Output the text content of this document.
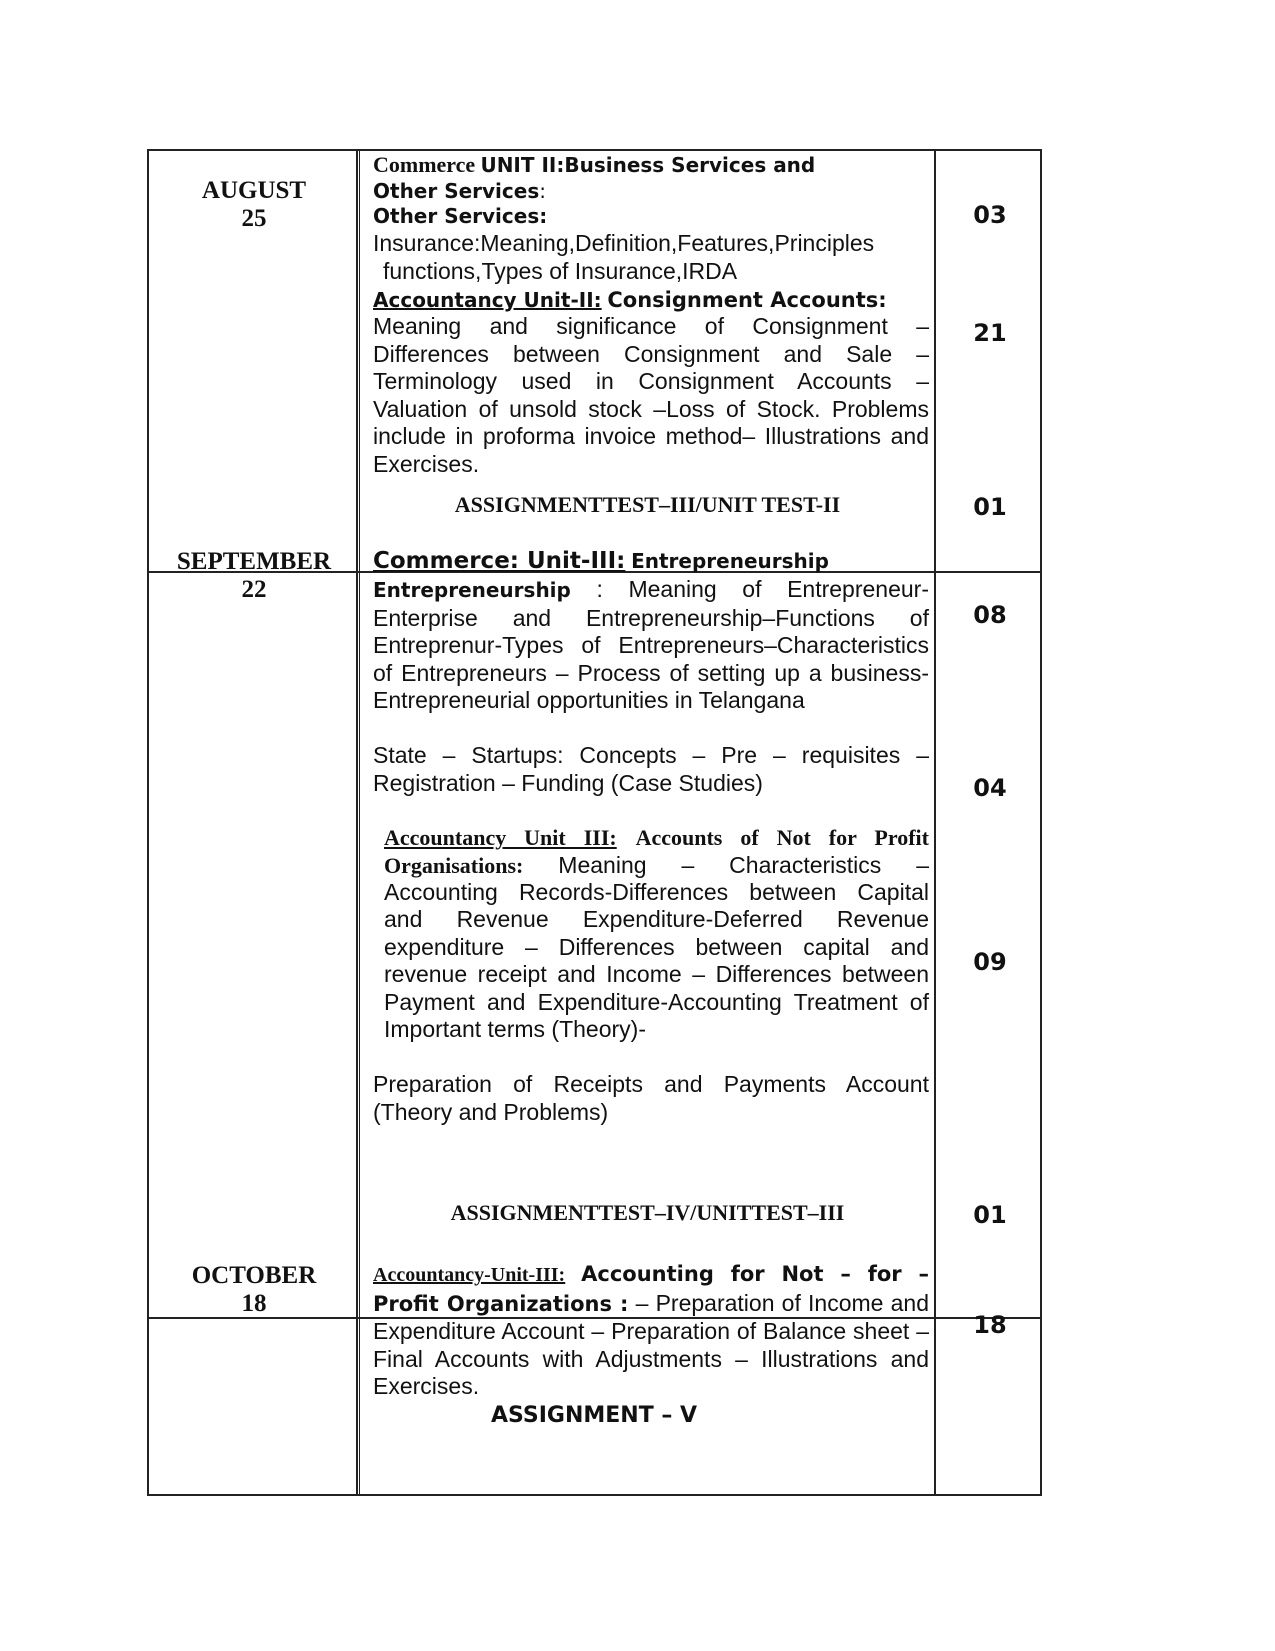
AUGUST
25
Commerce UNIT II:Business Services and
Other Services:
Other Services:
Insurance:Meaning,Definition,Features,Principles
functions,Types of Insurance,IRDA
Accountancy Unit-II: Consignment Accounts:
Meaning and significance of Consignment – Differences between Consignment and Sale – Terminology used in Consignment Accounts – Valuation of unsold stock –Loss of Stock. Problems include in proforma invoice method– Illustrations and Exercises.
ASSIGNMENTTEST–III/UNIT TEST-II
03
21
01
SEPTEMBER
22
Commerce: Unit-III: Entrepreneurship
Entrepreneurship : Meaning of Entrepreneur-Enterprise and Entrepreneurship–Functions of Entreprenur-Types of Entrepreneurs–Characteristics of Entrepreneurs – Process of setting up a business-Entrepreneurial opportunities in Telangana
State – Startups: Concepts – Pre – requisites – Registration – Funding (Case Studies)
Accountancy Unit III: Accounts of Not for Profit Organisations: Meaning – Characteristics – Accounting Records-Differences between Capital and Revenue Expenditure-Deferred Revenue expenditure – Differences between capital and revenue receipt and Income – Differences between Payment and Expenditure-Accounting Treatment of Important terms (Theory)-
Preparation of Receipts and Payments Account (Theory and Problems)
ASSIGNMENTTEST–IV/UNITTEST–III
08
04
09
01
OCTOBER
18
Accountancy-Unit-III: Accounting for Not – for – Profit Organizations : – Preparation of Income and Expenditure Account – Preparation of Balance sheet –Final Accounts with Adjustments – Illustrations and Exercises.
ASSIGNMENT – V
18
